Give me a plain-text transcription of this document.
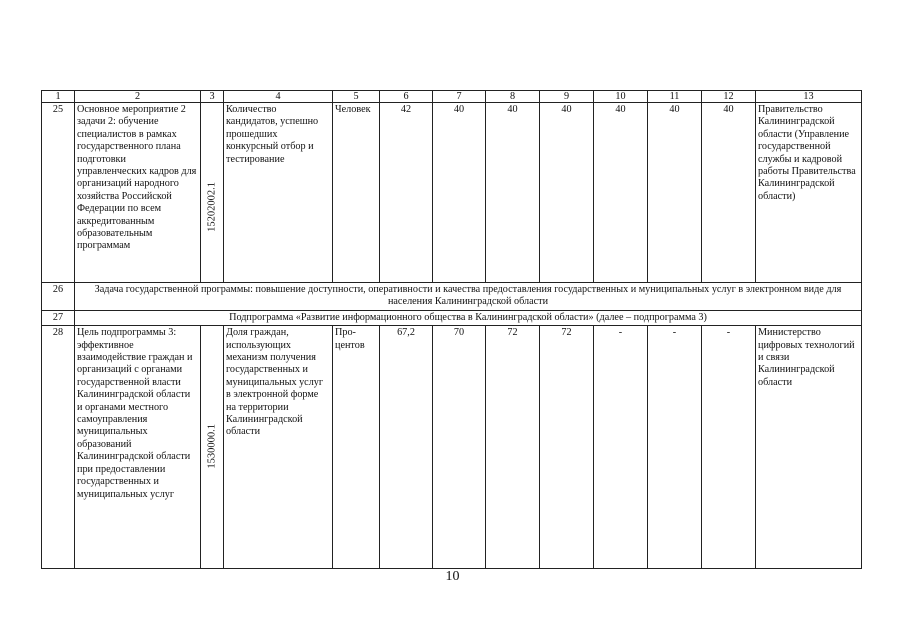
1	2	3	4	5	6	7	8	9	10	11	12	13
25	Основное мероприятие 2 задачи 2: обучение специалистов в рамках государственного плана подготовки управленческих кадров для организаций народного хозяйства Российской Федерации по всем аккредитованным образовательным программам	15202002.1	Количество кандидатов, успешно прошедших конкурсный отбор и тестирование	Человек	42	40	40	40	40	40	40	Правительство Калининградской области (Управление государственной службы и кадровой работы Правительства Калининградской области)
26	Задача государственной программы: повышение доступности, оперативности и качества предоставления государственных и муниципальных услуг в электронном виде для населения Калининградской области											
27	Подпрограмма «Развитие информационного общества в Калининградской области» (далее – подпрограмма 3)											
28	Цель подпрограммы 3: эффективное взаимодействие граждан и организаций с органами государственной власти Калининградской области и органами местного самоуправления муниципальных образований Калининградской области при предоставлении государственных и муниципальных услуг	1530000.1	Доля граждан, использующих механизм получения государственных и муниципальных услуг в электронной форме на территории Калининградской области	Про-центов	67,2	70	72	72	-	-	-	Министерство цифровых технологий и связи Калининградской области
10
